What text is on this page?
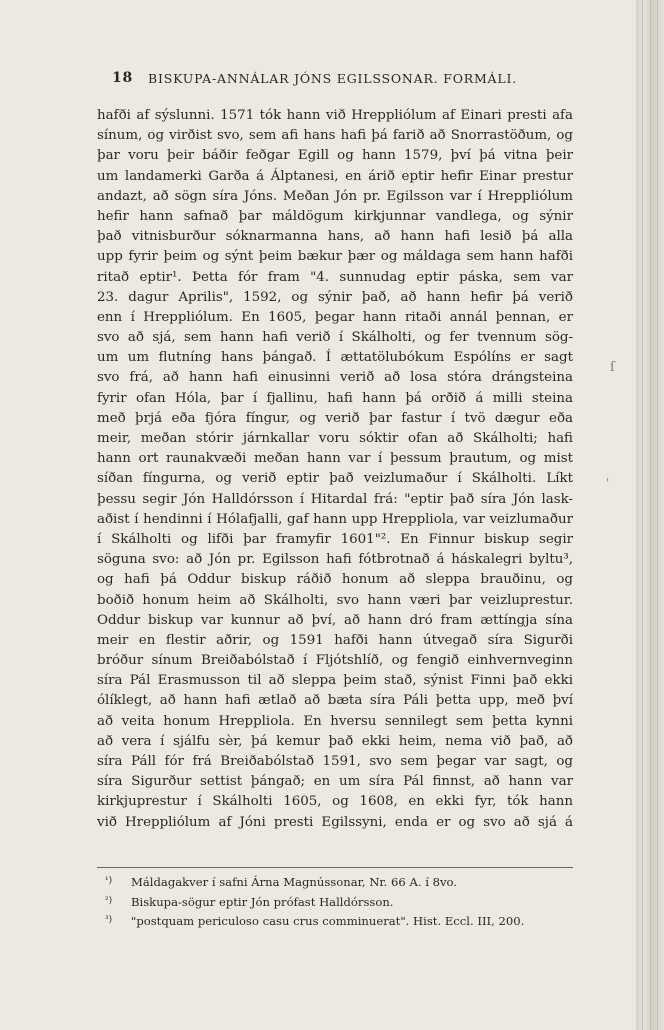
18 BISKUPA-ANNÁLAR JÓNS EGILSSONAR. FORMÁLI.
hafði af sýslunni. 1571 tók hann við Hreppliólum af Einari presti afa
sínum, og virðist svo, sem afi hans hafi þá farið að Snorrastöðum, og
þar voru þeir báðir feðgar Egill og hann 1579, því þá vitna þeir
um landamerki Garða á Álptanesi, en árið eptir hefir Einar prestur
andazt, að sögn síra Jóns. Meðan Jón pr. Egilsson var í Hreppliólum
hefir hann safnað þar máldögum kirkjunnar vandlega, og sýnir
það vitnisburður sóknarmanna hans, að hann hafi lesið þá alla
upp fyrir þeim og sýnt þeim bækur þær og máldaga sem hann hafði
ritað eptir¹. Þetta fór fram "4. sunnudag eptir páska, sem var
23. dagur Aprilis", 1592, og sýnir það, að hann hefir þá verið
enn í Hreppliólum. En 1605, þegar hann ritaði annál þennan, er
svo að sjá, sem hann hafi verið í Skálholti, og fer tvennum sög-
um um flutníng hans þángað. Í ættatölubókum Espólíns er sagt
svo frá, að hann hafi einusinni verið að losa stóra drángsteina
fyrir ofan Hóla, þar í fjallinu, hafi hann þá orðið á milli steina
með þrjá eða fjóra fíngur, og verið þar fastur í tvö dægur eða
meir, meðan stórir járnkallar voru sóktir ofan að Skálholti; hafi
hann ort raunakvæði meðan hann var í þessum þrautum, og mist
síðan fíngurna, og verið eptir það veizlumaður í Skálholti. Líkt
þessu segir Jón Halldórsson í Hitardal frá: "eptir það síra Jón lask-
aðist í hendinni í Hólafjalli, gaf hann upp Hreppliola, var veizlumaður
í Skálholti og lifði þar framyfir 1601"². En Finnur biskup segir
söguna svo: að Jón pr. Egilsson hafi fótbrotnað á háskalegri byltu³,
og hafi þá Oddur biskup ráðið honum að sleppa brauðinu, og
boðið honum heim að Skálholti, svo hann væri þar veizluprestur.
Oddur biskup var kunnur að því, að hann dró fram ættíngja sína
meir en flestir aðrir, og 1591 hafði hann útvegað síra Sigurði
bróður sínum Breiðabólstað í Fljótshlíð, og fengið einhvernveginn
síra Pál Erasmusson til að sleppa þeim stað, sýnist Finni það ekki
ólíklegt, að hann hafi ætlað að bæta síra Páli þetta upp, með því
að veita honum Hreppliola. En hversu sennilegt sem þetta kynni
að vera í sjálfu sèr, þá kemur það ekki heim, nema við það, að
síra Páll fór frá Breiðabólstað 1591, svo sem þegar var sagt, og
síra Sigurður settist þángað; en um síra Pál finnst, að hann var
kirkjuprestur í Skálholti 1605, og 1608, en ekki fyr, tók hann
við Hreppliólum af Jóni presti Egilssyni, enda er og svo að sjá á
¹) Máldagakver í safni Árna Magnússonar, Nr. 66 A. í 8vo.
²) Biskupa-sögur eptir Jón prófast Halldórsson.
³) "postquam periculoso casu crus comminuerat". Hist. Eccl. III, 200.
ſ
'
